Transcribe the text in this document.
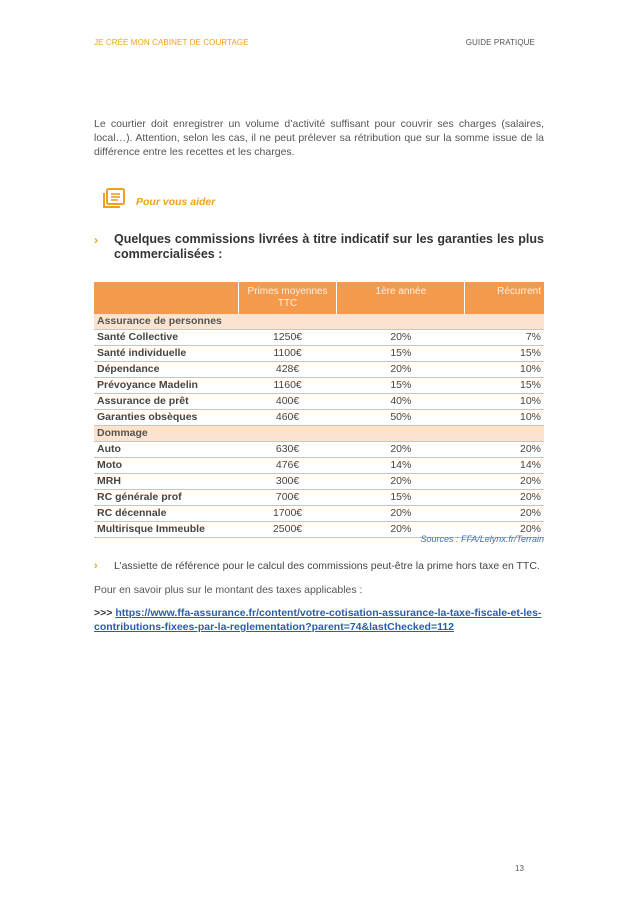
JE CRÉE MON CABINET DE COURTAGE	GUIDE PRATIQUE

Le courtier doit enregistrer un volume d’activité suffisant pour couvrir ses charges (salaires, local…). Attention, selon les cas, il ne peut prélever sa rétribution que sur la somme issue de la différence entre les recettes et les charges.

Pour vous aider
› Quelques commissions livrées à titre indicatif sur les garanties les plus commercialisées :
	Primes moyennes TTC	1ère année	Récurrent
Assurance de personnes			
Santé Collective	1250€	20%	7%
Santé individuelle	1100€	15%	15%
Dépendance	428€	20%	10%
Prévoyance Madelin	1160€	15%	15%
Assurance de prêt	400€	40%	10%
Garanties obsèques	460€	50%	10%
Dommage			
Auto	630€	20%	20%
Moto	476€	14%	14%
MRH	300€	20%	20%
RC générale prof	700€	15%	20%
RC décennale	1700€	20%	20%
Multirisque Immeuble	2500€	20%	20%
Sources : FFA/Lelynx.fr/Terrain
› L’assiette de référence pour le calcul des commissions peut-être la prime hors taxe en TTC.

Pour en savoir plus sur le montant des taxes applicables :

>>> https://www.ffa-assurance.fr/content/votre-cotisation-assurance-la-taxe-fiscale-et-les-contributions-fixees-par-la-reglementation?parent=74&lastChecked=112
13
